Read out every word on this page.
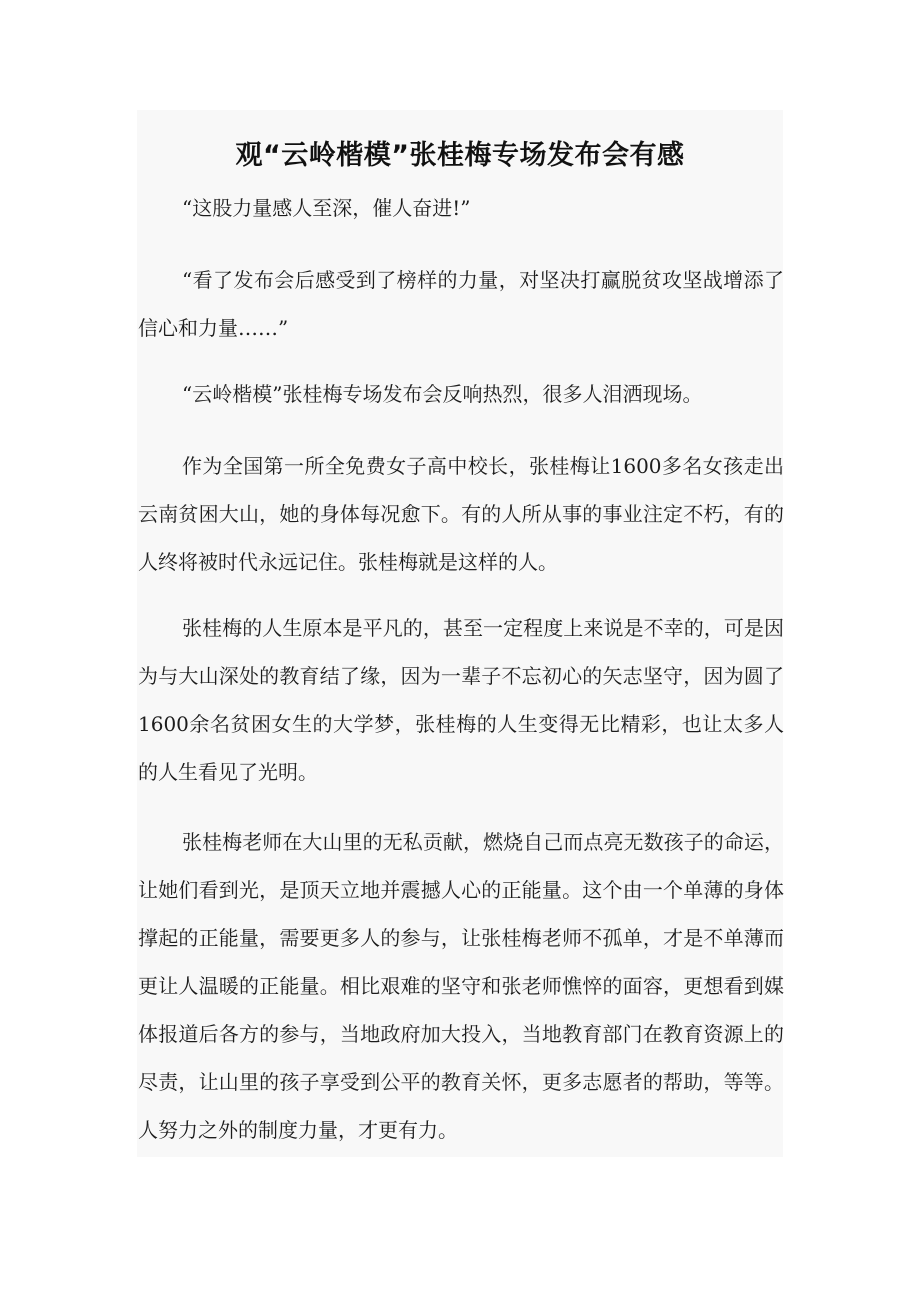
观“云岭楷模”张桂梅专场发布会有感

“这股力量感人至深，催人奋进!”

“看了发布会后感受到了榜样的力量，对坚决打赢脱贫攻坚战增添了信心和力量……”

“云岭楷模”张桂梅专场发布会反响热烈，很多人泪洒现场。

作为全国第一所全免费女子高中校长，张桂梅让1600多名女孩走出云南贫困大山，她的身体每况愈下。有的人所从事的事业注定不朽，有的人终将被时代永远记住。张桂梅就是这样的人。

张桂梅的人生原本是平凡的，甚至一定程度上来说是不幸的，可是因为与大山深处的教育结了缘，因为一辈子不忘初心的矢志坚守，因为圆了1600余名贫困女生的大学梦，张桂梅的人生变得无比精彩，也让太多人的人生看见了光明。

张桂梅老师在大山里的无私贡献，燃烧自己而点亮无数孩子的命运，让她们看到光，是顶天立地并震撼人心的正能量。这个由一个单薄的身体撑起的正能量，需要更多人的参与，让张桂梅老师不孤单，才是不单薄而更让人温暖的正能量。相比艰难的坚守和张老师憔悴的面容，更想看到媒体报道后各方的参与，当地政府加大投入，当地教育部门在教育资源上的尽责，让山里的孩子享受到公平的教育关怀，更多志愿者的帮助，等等。人努力之外的制度力量，才更有力。
